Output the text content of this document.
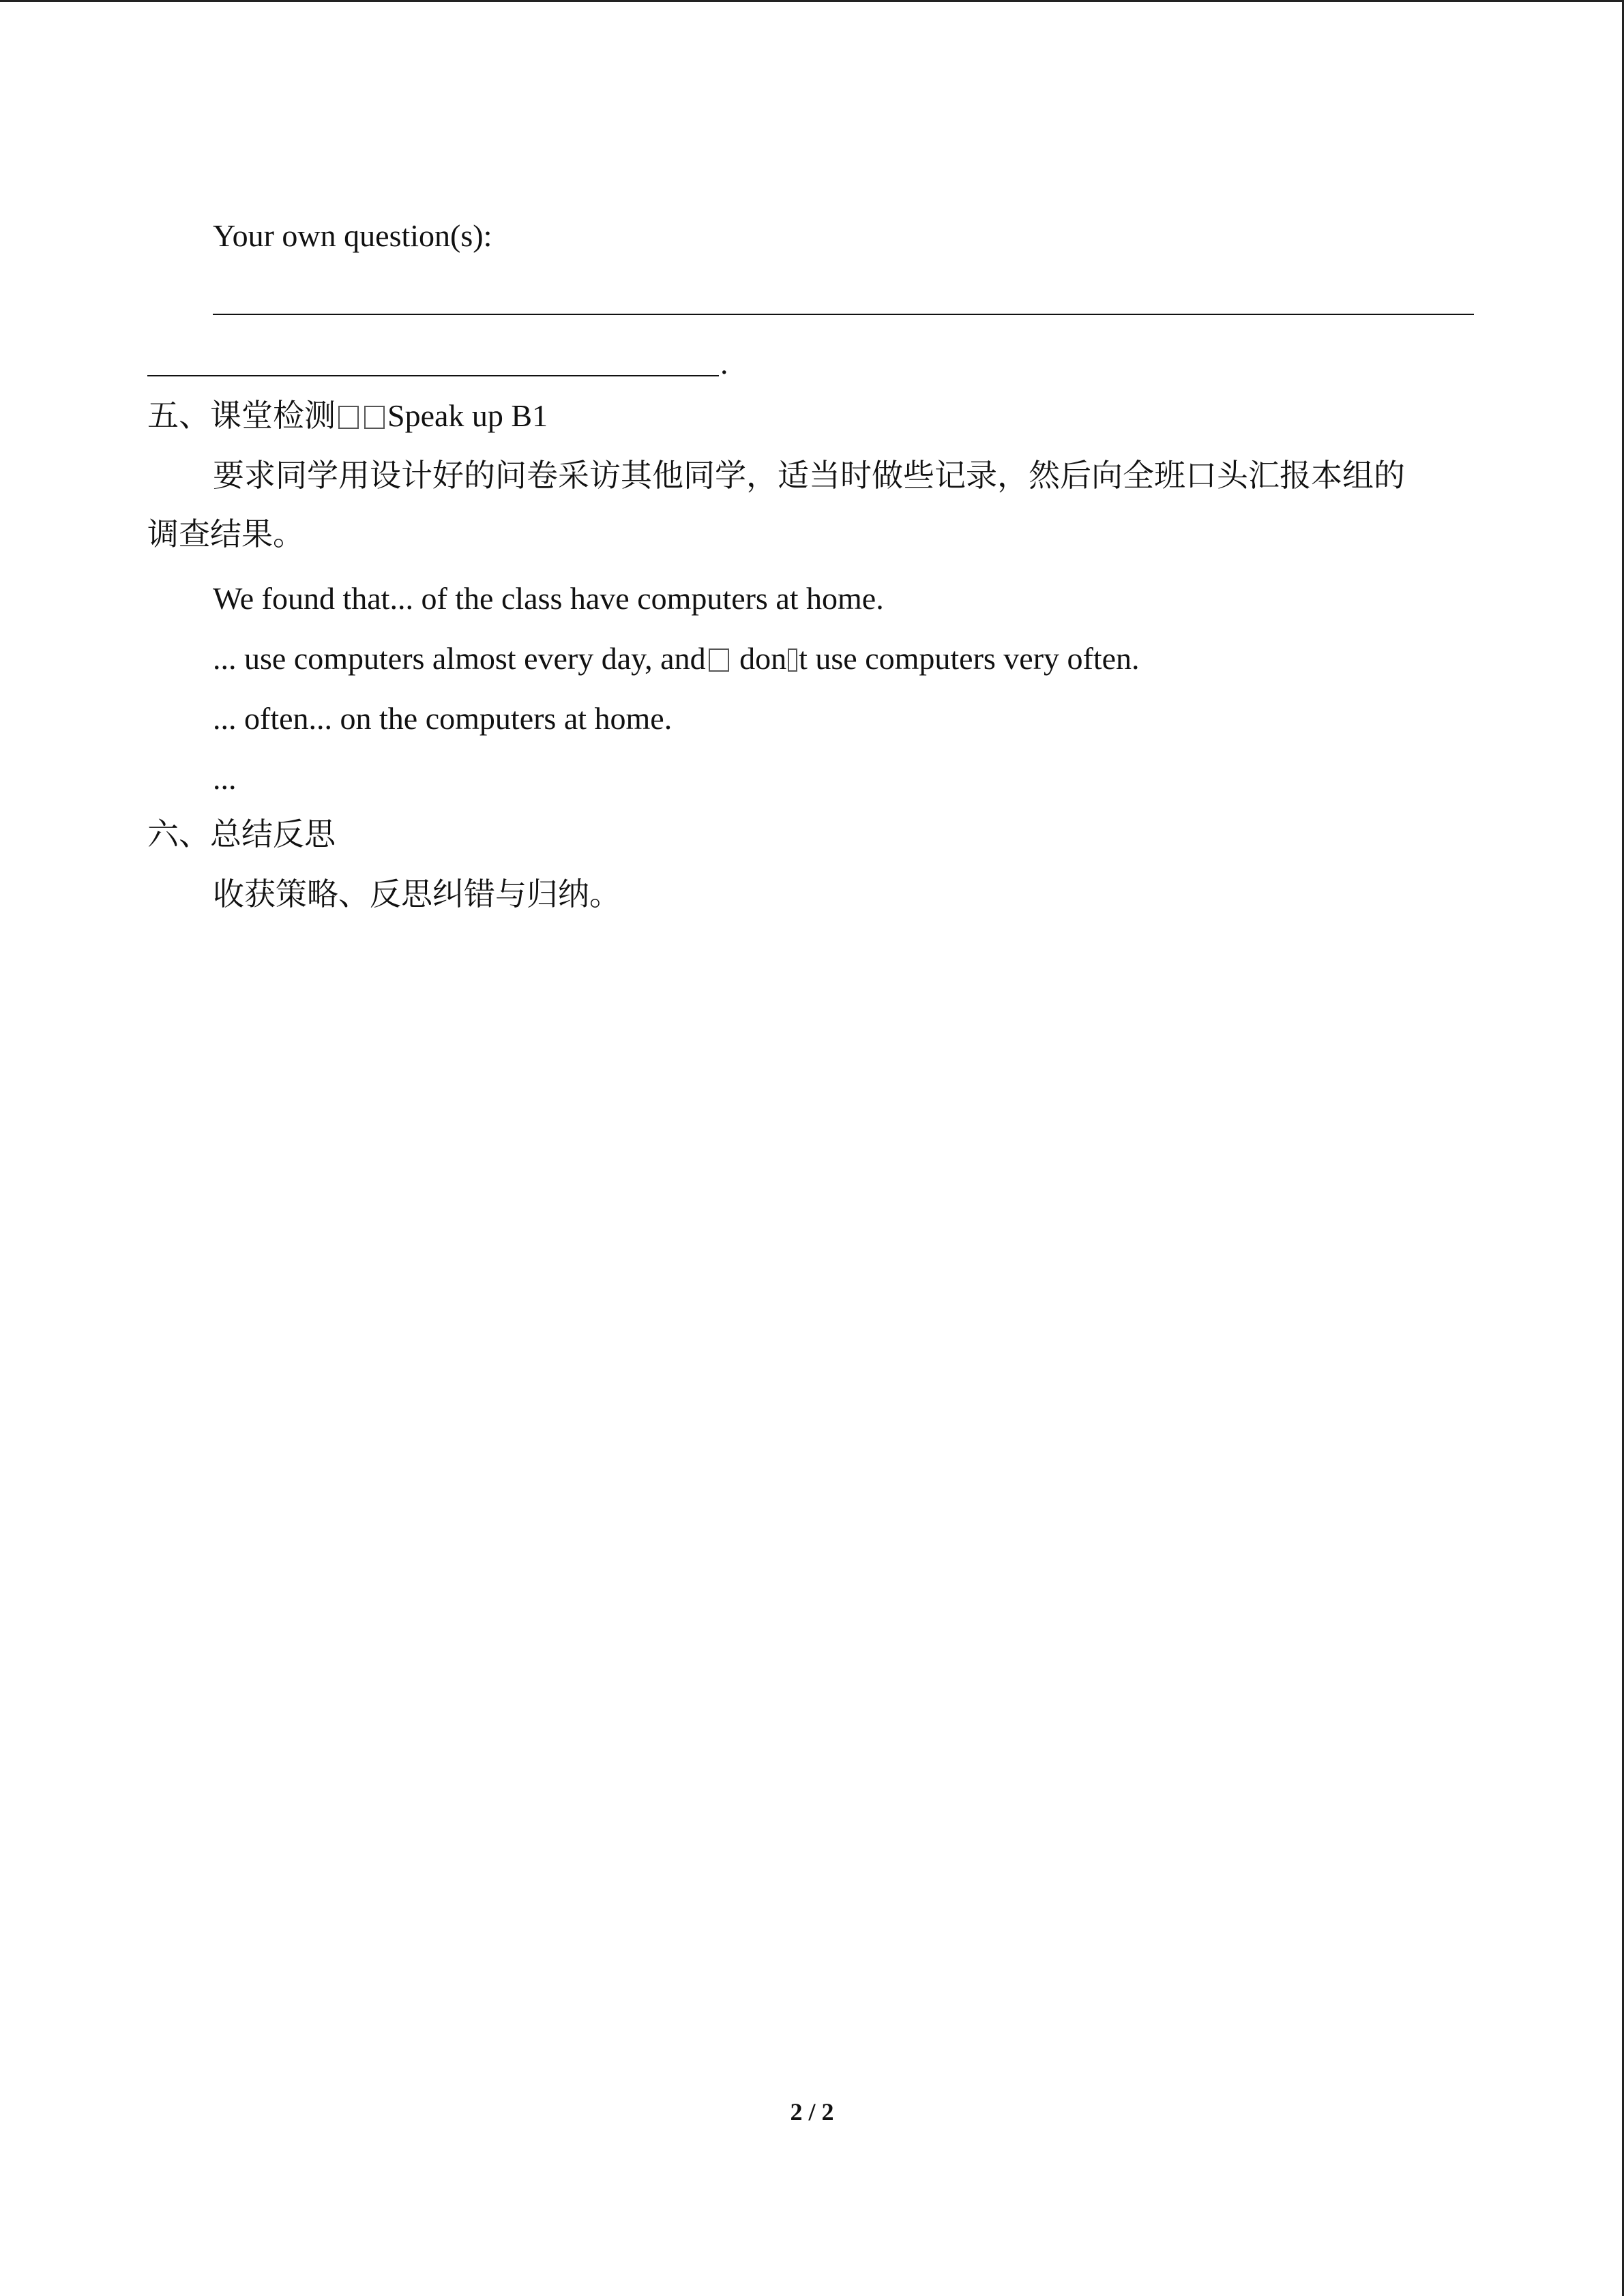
Your own question(s):
.
五、课堂检测 Speak up B1
要求同学用设计好的问卷采访其他同学，适当时做些记录，然后向全班口头汇报本组的
调查结果。
We found that... of the class have computers at home.
... use computers almost every day, and don t use computers very often.
... often... on the computers at home.
...
六、总结反思
收获策略、反思纠错与归纳。
2 / 2
